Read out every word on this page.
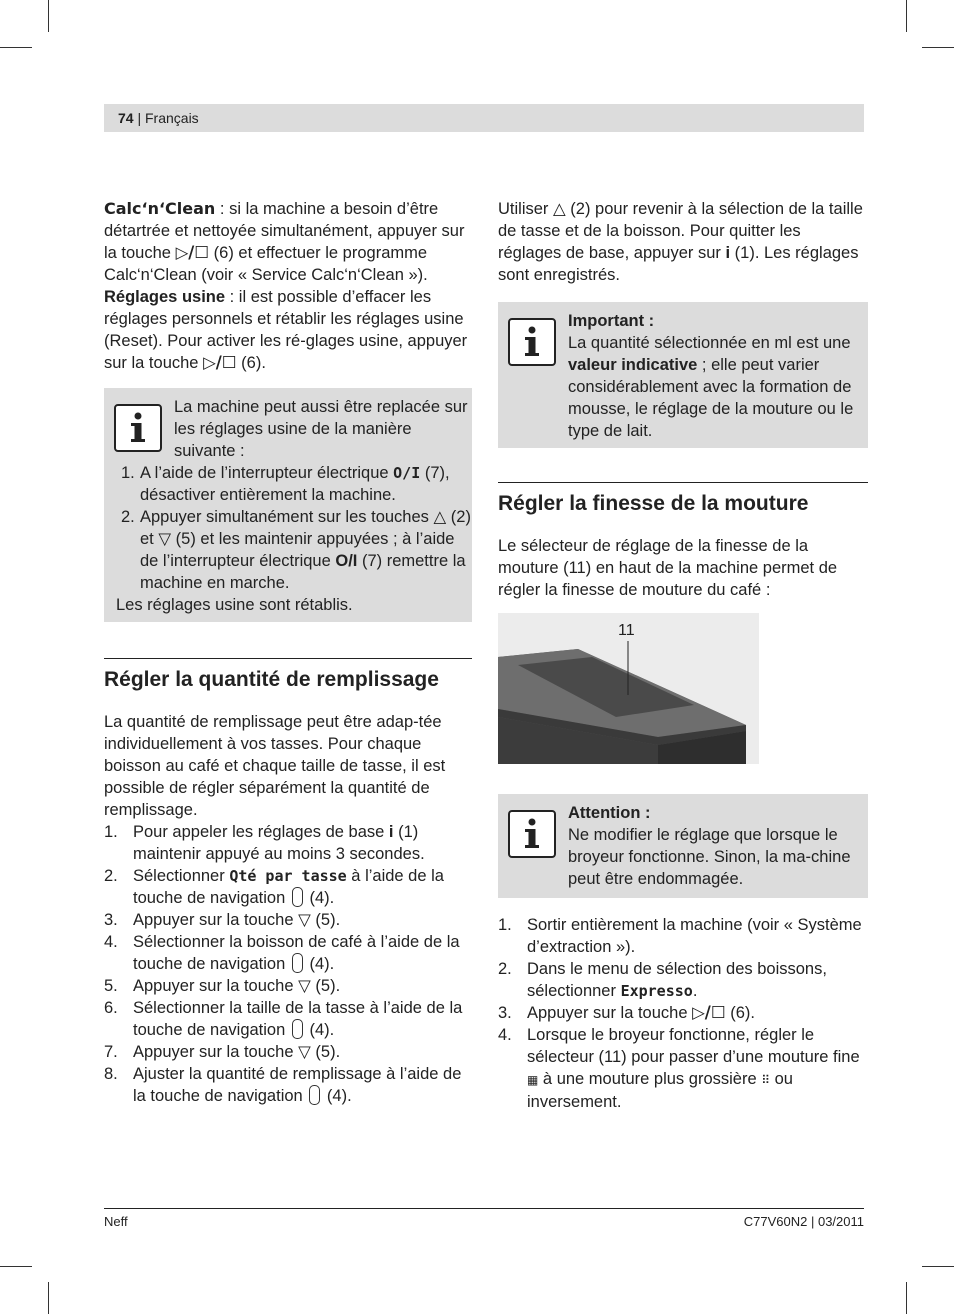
74 | Français

Calc‘n‘Clean : si la machine a besoin d’être détartrée et nettoyée simultanément, appuyer sur la touche ▷/☐ (6) et effectuer le programme Calc‘n‘Clean (voir « Service Calc‘n‘Clean »).

Réglages usine : il est possible d’effacer les réglages personnels et rétablir les réglages usine (Reset). Pour activer les ré-glages usine, appuyer sur la touche ▷/☐ (6).

La machine peut aussi être replacée sur les réglages usine de la manière suivante :

1. A l’aide de l’interrupteur électrique O/I (7), désactiver entièrement la machine.
2. Appuyer simultanément sur les touches △ (2) et ▽ (5) et les maintenir appuyées ; à l’aide de l’interrupteur électrique O/I (7) remettre la machine en marche.

Les réglages usine sont rétablis.

Régler la quantité de remplissage

La quantité de remplissage peut être adap-tée individuellement à vos tasses. Pour chaque boisson au café et chaque taille de tasse, il est possible de régler séparément la quantité de remplissage.

1. Pour appeler les réglages de base i (1) maintenir appuyé au moins 3 secondes.
2. Sélectionner Qté par tasse à l’aide de la touche de navigation  (4).
3. Appuyer sur la touche ▽ (5).
4. Sélectionner la boisson de café à l’aide de la touche de navigation  (4).
5. Appuyer sur la touche ▽ (5).
6. Sélectionner la taille de la tasse à l’aide de la touche de navigation  (4).
7. Appuyer sur la touche ▽ (5).
8. Ajuster la quantité de remplissage à l’aide de la touche de navigation  (4).

Utiliser △ (2) pour revenir à la sélection de la taille de tasse et de la boisson. Pour quitter les réglages de base, appuyer sur i (1). Les réglages sont enregistrés.

Important :

La quantité sélectionnée en ml est une valeur indicative ; elle peut varier considérablement avec la formation de mousse, le réglage de la mouture ou le type de lait.

Régler la finesse de la mouture

Le sélecteur de réglage de la finesse de la mouture (11) en haut de la machine permet de régler la finesse de mouture du café :

11

Attention :

Ne modifier le réglage que lorsque le broyeur fonctionne. Sinon, la ma-chine peut être endommagée.

1. Sortir entièrement la machine (voir « Système d’extraction »).
2. Dans le menu de sélection des boissons, sélectionner Expresso.
3. Appuyer sur la touche ▷/☐ (6).
4. Lorsque le broyeur fonctionne, régler le sélecteur (11) pour passer d’une mouture fine ▦ à une mouture plus grossière ⠿ ou inversement.
Neff	C77V60N2 | 03/2011
